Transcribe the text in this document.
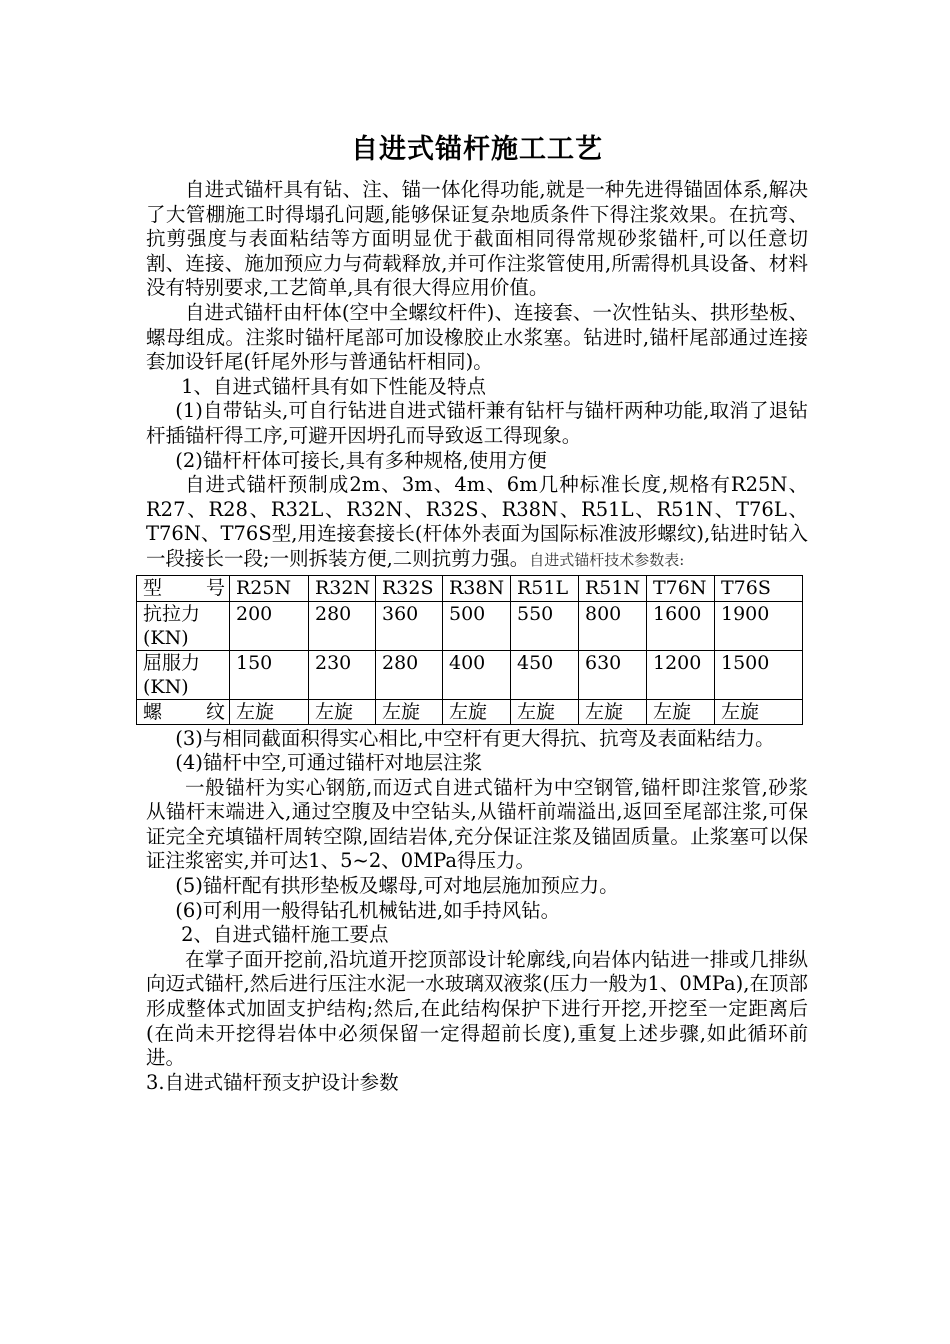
自进式锚杆施工工艺

自进式锚杆具有钻、注、锚一体化得功能,就是一种先进得锚固体系,解决了大管棚施工时得塌孔问题,能够保证复杂地质条件下得注浆效果。在抗弯、抗剪强度与表面粘结等方面明显优于截面相同得常规砂浆锚杆,可以任意切割、连接、施加预应力与荷载释放,并可作注浆管使用,所需得机具设备、材料没有特别要求,工艺简单,具有很大得应用价值。

自进式锚杆由杆体(空中全螺纹杆件)、连接套、一次性钻头、拱形垫板、螺母组成。注浆时锚杆尾部可加设橡胶止水浆塞。钻进时,锚杆尾部通过连接套加设钎尾(钎尾外形与普通钻杆相同)。

1、自进式锚杆具有如下性能及特点

(1)自带钻头,可自行钻进自进式锚杆兼有钻杆与锚杆两种功能,取消了退钻杆插锚杆得工序,可避开因坍孔而导致返工得现象。

(2)锚杆杆体可接长,具有多种规格,使用方便

自进式锚杆预制成2m、3m、4m、6m几种标准长度,规格有R25N、R27、R28、R32L、R32N、R32S、R38N、R51L、R51N、T76L、T76N、T76S型,用连接套接长(杆体外表面为国际标准波形螺纹),钻进时钻入一段接长一段;一则拆装方便,二则抗剪力强。自进式锚杆技术参数表:

型 号	R25N	R32N	R32S	R38N	R51L	R51N	T76N	T76S
抗拉力(KN)	200	280	360	500	550	800	1600	1900
屈服力(KN)	150	230	280	400	450	630	1200	1500
螺 纹	左旋	左旋	左旋	左旋	左旋	左旋	左旋	左旋

(3)与相同截面积得实心相比,中空杆有更大得抗、抗弯及表面粘结力。

(4)锚杆中空,可通过锚杆对地层注浆

一般锚杆为实心钢筋,而迈式自进式锚杆为中空钢管,锚杆即注浆管,砂浆从锚杆末端进入,通过空腹及中空钻头,从锚杆前端溢出,返回至尾部注浆,可保证完全充填锚杆周转空隙,固结岩体,充分保证注浆及锚固质量。止浆塞可以保证注浆密实,并可达1、5~2、0MPa得压力。

(5)锚杆配有拱形垫板及螺母,可对地层施加预应力。

(6)可利用一般得钻孔机械钻进,如手持风钻。

2、自进式锚杆施工要点

在掌子面开挖前,沿坑道开挖顶部设计轮廓线,向岩体内钻进一排或几排纵向迈式锚杆,然后进行压注水泥一水玻璃双液浆(压力一般为1、0MPa),在顶部形成整体式加固支护结构;然后,在此结构保护下进行开挖,开挖至一定距离后(在尚未开挖得岩体中必须保留一定得超前长度),重复上述步骤,如此循环前进。

3.自进式锚杆预支护设计参数
